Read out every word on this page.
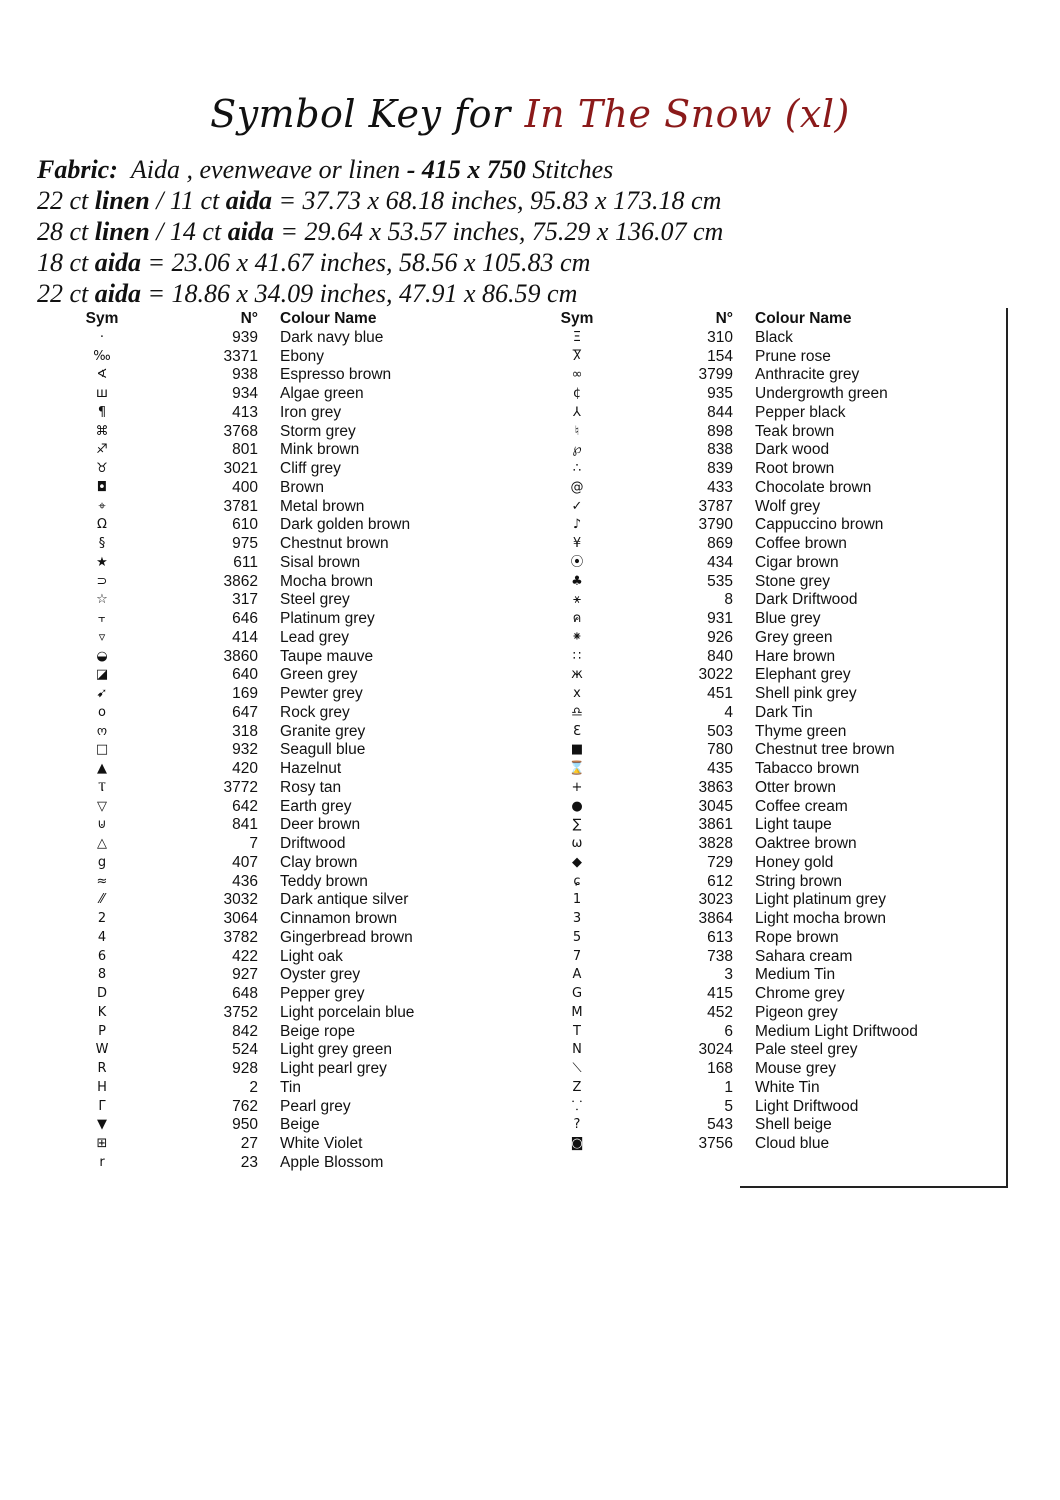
Symbol Key for In The Snow (xl)
Fabric: Aida , evenweave or linen - 415 x 750 Stitches
22 ct linen / 11 ct aida = 37.73 x 68.18 inches, 95.83 x 173.18 cm
28 ct linen / 14 ct aida = 29.64 x 53.57 inches, 75.29 x 136.07 cm
18 ct aida = 23.06 x 41.67 inches, 58.56 x 105.83 cm
22 ct aida = 18.86 x 34.09 inches, 47.91 x 86.59 cm
Sym	N° Colour Name
·	939 Dark navy blue
‰	3371 Ebony
∢	938 Espresso brown
ш	934 Algae green
¶	413 Iron grey
⌘	3768 Storm grey
♐	801 Mink brown
♉	3021 Cliff grey
◘	400 Brown
⌖	3781 Metal brown
Ω	610 Dark golden brown
§	975 Chestnut brown
★	611 Sisal brown
⊃	3862 Mocha brown
☆	317 Steel grey
⫟	646 Platinum grey
▿	414 Lead grey
◒	3860 Taupe mauve
◪	640 Green grey
➹	169 Pewter grey
o	647 Rock grey
ო	318 Granite grey
□	932 Seagull blue
▲	420 Hazelnut
Ⲧ	3772 Rosy tan
▽	642 Earth grey
⊍	841 Deer brown
△	7 Driftwood
g	407 Clay brown
≈	436 Teddy brown
⁄⁄	3032 Dark antique silver
2	3064 Cinnamon brown
4	3782 Gingerbread brown
6	422 Light oak
8	927 Oyster grey
D	648 Pepper grey
K	3752 Light porcelain blue
P	842 Beige rope
W	524 Light grey green
R	928 Light pearl grey
H	2 Tin
Γ	762 Pearl grey
▼	950 Beige
⊞	27 White Violet
r	23 Apple Blossom
Sym	N° Colour Name
Ξ	310 Black
Ⴟ	154 Prune rose
∞	3799 Anthracite grey
¢	935 Undergrowth green
⅄	844 Pepper black
♮	898 Teak brown
℘	838 Dark wood
∴	839 Root brown
@	433 Chocolate brown
✓	3787 Wolf grey
♪	3790 Cappuccino brown
¥	869 Coffee brown
⦿	434 Cigar brown
♣	535 Stone grey
⚹	8 Dark Driftwood
ค	931 Blue grey
⁕	926 Grey green
∷	840 Hare brown
ж	3022 Elephant grey
x	451 Shell pink grey
♎	4 Dark Tin
Ɛ	503 Thyme green
■	780 Chestnut tree brown
⌛	435 Tabacco brown
+	3863 Otter brown
●	3045 Coffee cream
∑	3861 Light taupe
ω	3828 Oaktree brown
◆	729 Honey gold
ɕ	612 String brown
1	3023 Light platinum grey
3	3864 Light mocha brown
5	613 Rope brown
7	738 Sahara cream
A	3 Medium Tin
G	415 Chrome grey
M	452 Pigeon grey
T	6 Medium Light Driftwood
N	3024 Pale steel grey
⟍	168 Mouse grey
Z	1 White Tin
⸪	5 Light Driftwood
?	543 Shell beige
◙	3756 Cloud blue
